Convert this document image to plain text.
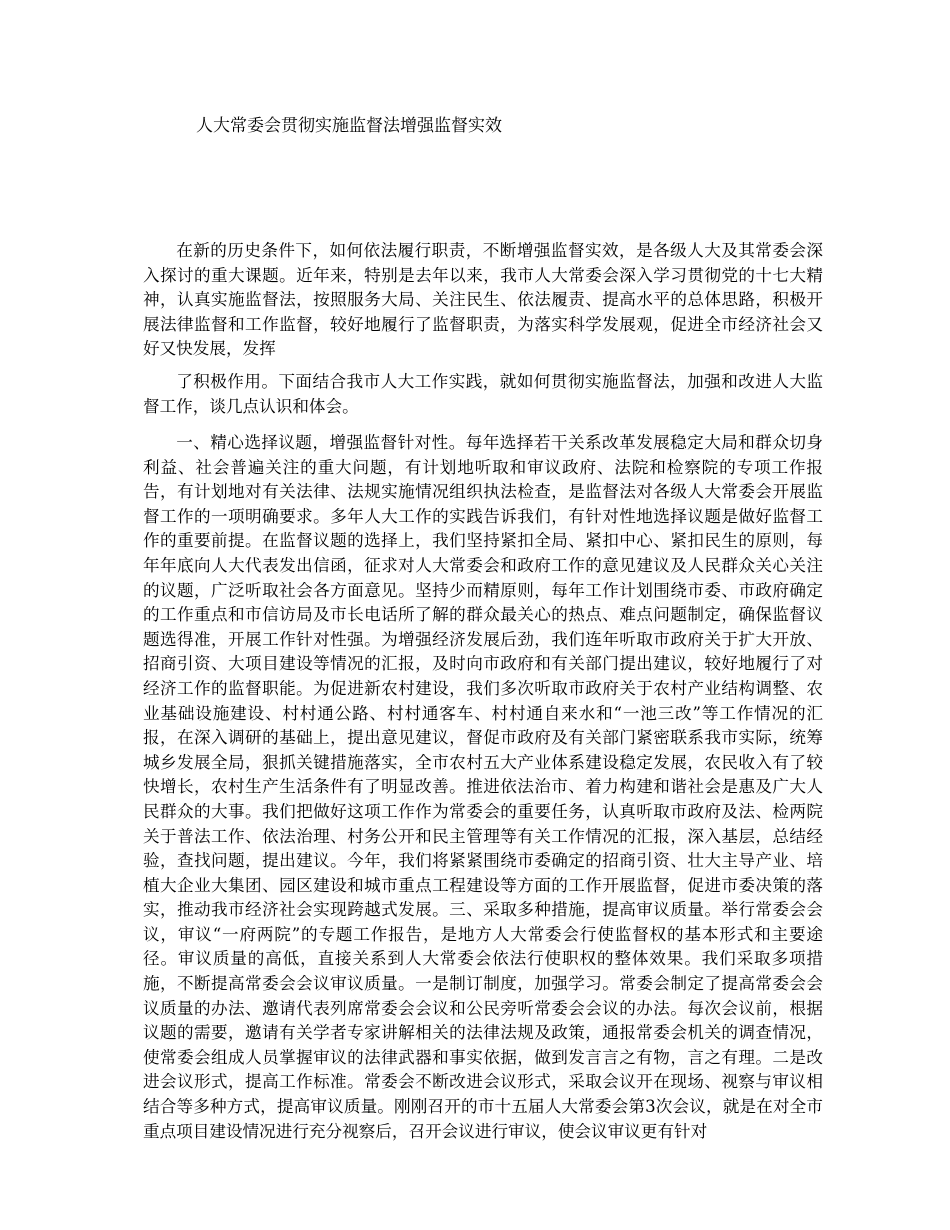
人大常委会贯彻实施监督法增强监督实效
在新的历史条件下，如何依法履行职责，不断增强监督实效，是各级人大及其常委会深入探讨的重大课题。近年来，特别是去年以来，我市人大常委会深入学习贯彻党的十七大精神，认真实施监督法，按照服务大局、关注民生、依法履责、提高水平的总体思路，积极开展法律监督和工作监督，较好地履行了监督职责，为落实科学发展观，促进全市经济社会又好又快发展，发挥
了积极作用。下面结合我市人大工作实践，就如何贯彻实施监督法，加强和改进人大监督工作，谈几点认识和体会。
一、精心选择议题，增强监督针对性。每年选择若干关系改革发展稳定大局和群众切身利益、社会普遍关注的重大问题，有计划地听取和审议政府、法院和检察院的专项工作报告，有计划地对有关法律、法规实施情况组织执法检查，是监督法对各级人大常委会开展监督工作的一项明确要求。多年人大工作的实践告诉我们，有针对性地选择议题是做好监督工作的重要前提。在监督议题的选择上，我们坚持紧扣全局、紧扣中心、紧扣民生的原则，每年年底向人大代表发出信函，征求对人大常委会和政府工作的意见建议及人民群众关心关注的议题，广泛听取社会各方面意见。坚持少而精原则，每年工作计划围绕市委、市政府确定的工作重点和市信访局及市长电话所了解的群众最关心的热点、难点问题制定，确保监督议题选得准，开展工作针对性强。为增强经济发展后劲，我们连年听取市政府关于扩大开放、招商引资、大项目建设等情况的汇报，及时向市政府和有关部门提出建议，较好地履行了对经济工作的监督职能。为促进新农村建设，我们多次听取市政府关于农村产业结构调整、农业基础设施建设、村村通公路、村村通客车、村村通自来水和“一池三改”等工作情况的汇报，在深入调研的基础上，提出意见建议，督促市政府及有关部门紧密联系我市实际，统筹城乡发展全局，狠抓关键措施落实，全市农村五大产业体系建设稳定发展，农民收入有了较快增长，农村生产生活条件有了明显改善。推进依法治市、着力构建和谐社会是惠及广大人民群众的大事。我们把做好这项工作作为常委会的重要任务，认真听取市政府及法、检两院关于普法工作、依法治理、村务公开和民主管理等有关工作情况的汇报，深入基层，总结经验，查找问题，提出建议。今年，我们将紧紧围绕市委确定的招商引资、壮大主导产业、培植大企业大集团、园区建设和城市重点工程建设等方面的工作开展监督，促进市委决策的落实，推动我市经济社会实现跨越式发展。三、采取多种措施，提高审议质量。举行常委会会议，审议“一府两院”的专题工作报告，是地方人大常委会行使监督权的基本形式和主要途径。审议质量的高低，直接关系到人大常委会依法行使职权的整体效果。我们采取多项措施，不断提高常委会会议审议质量。一是制订制度，加强学习。常委会制定了提高常委会会议质量的办法、邀请代表列席常委会会议和公民旁听常委会会议的办法。每次会议前，根据议题的需要，邀请有关学者专家讲解相关的法律法规及政策，通报常委会机关的调查情况，使常委会组成人员掌握审议的法律武器和事实依据，做到发言言之有物，言之有理。二是改进会议形式，提高工作标准。常委会不断改进会议形式，采取会议开在现场、视察与审议相结合等多种方式，提高审议质量。刚刚召开的市十五届人大常委会第3次会议，就是在对全市重点项目建设情况进行充分视察后，召开会议进行审议，使会议审议更有针对
